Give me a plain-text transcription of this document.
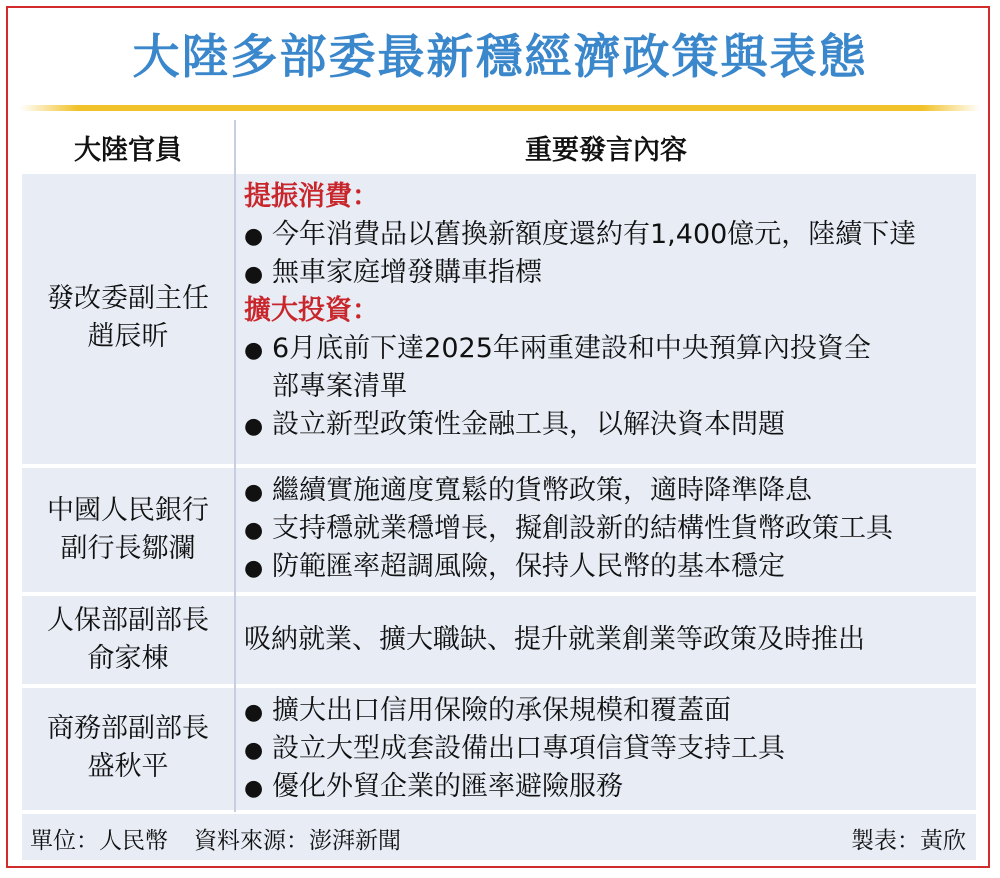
大陸多部委最新穩經濟政策與表態
大陸官員	重要發言內容
發改委副主任
趙辰昕
提振消費：
● 今年消費品以舊換新額度還約有1,400億元，陸續下達
● 無車家庭增發購車指標
擴大投資：
● 6月底前下達2025年兩重建設和中央預算內投資全
部專案清單
● 設立新型政策性金融工具，以解決資本問題
中國人民銀行
副行長鄒瀾
● 繼續實施適度寬鬆的貨幣政策，適時降準降息
● 支持穩就業穩增長，擬創設新的結構性貨幣政策工具
● 防範匯率超調風險，保持人民幣的基本穩定
人保部副部長
俞家棟
吸納就業、擴大職缺、提升就業創業等政策及時推出
商務部副部長
盛秋平
● 擴大出口信用保險的承保規模和覆蓋面
● 設立大型成套設備出口專項信貸等支持工具
● 優化外貿企業的匯率避險服務
單位：人民幣 資料來源：澎湃新聞	製表：黃欣
